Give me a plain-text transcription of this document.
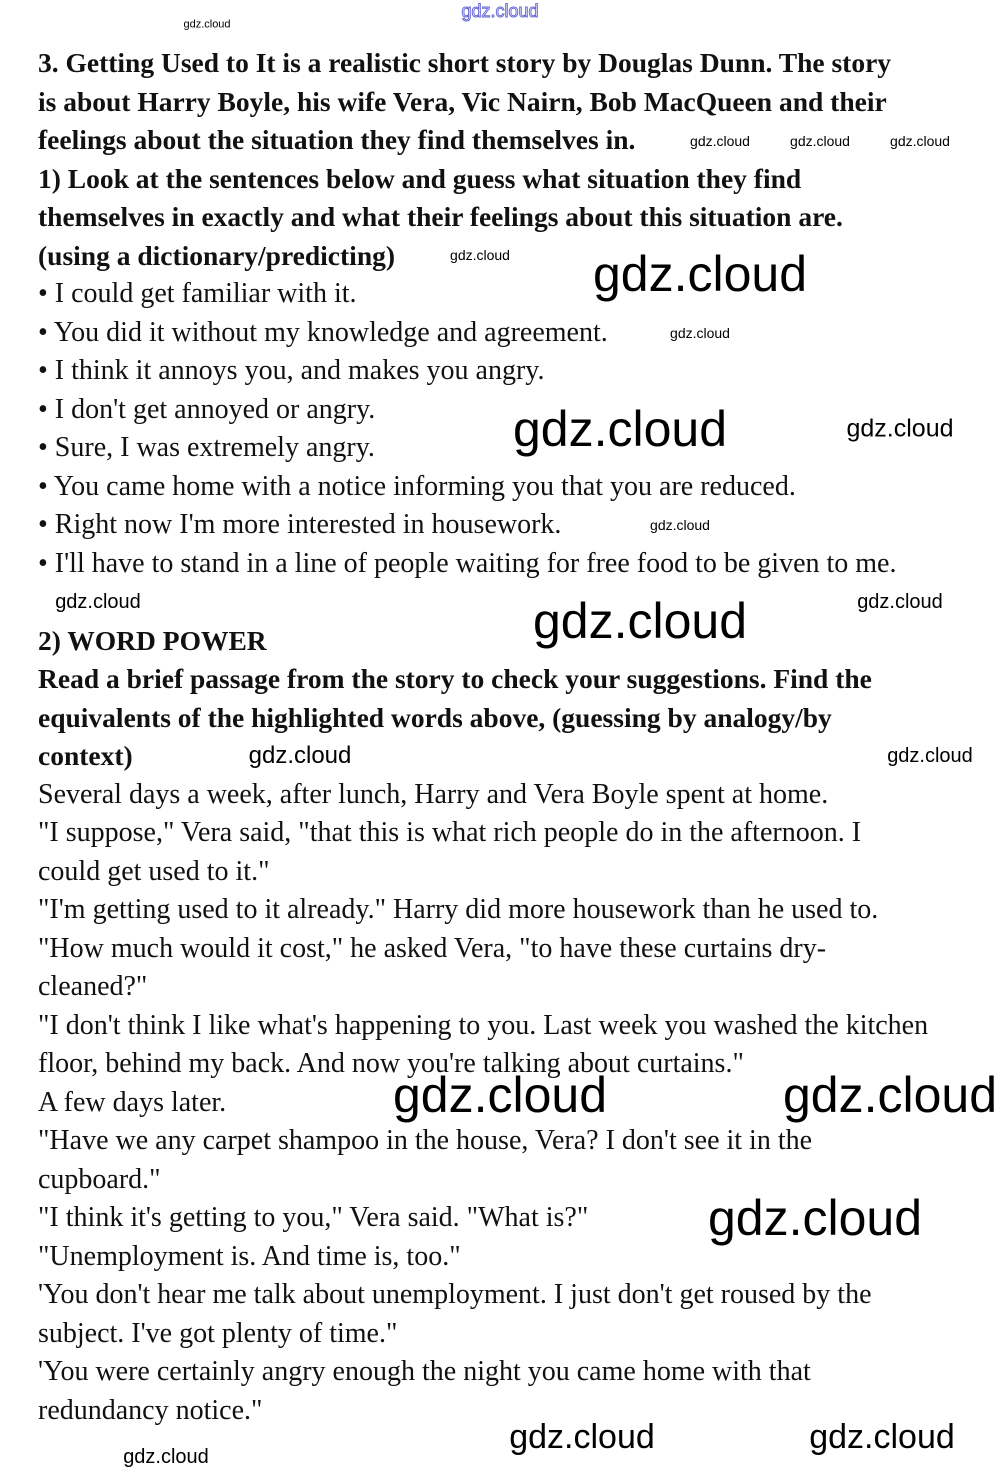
3. Getting Used to It is a realistic short story by Douglas Dunn. The story
is about Harry Boyle, his wife Vera, Vic Nairn, Bob MacQueen and their
feelings about the situation they find themselves in.
1) Look at the sentences below and guess what situation they find
themselves in exactly and what their feelings about this situation are.
(using a dictionary/predicting)
• I could get familiar with it.
• You did it without my knowledge and agreement.
• I think it annoys you, and makes you angry.
• I don't get annoyed or angry.
• Sure, I was extremely angry.
• You came home with a notice informing you that you are reduced.
• Right now I'm more interested in housework.
• I'll have to stand in a line of people waiting for free food to be given to me.
2) WORD POWER
Read a brief passage from the story to check your suggestions. Find the
equivalents of the highlighted words above, (guessing by analogy/by
context)
Several days a week, after lunch, Harry and Vera Boyle spent at home.
"I suppose," Vera said, "that this is what rich people do in the afternoon. I
could get used to it."
"I'm getting used to it already." Harry did more housework than he used to.
"How much would it cost," he asked Vera, "to have these curtains dry-
cleaned?"
"I don't think I like what's happening to you. Last week you washed the kitchen
floor, behind my back. And now you're talking about curtains."
A few days later.
"Have we any carpet shampoo in the house, Vera? I don't see it in the
cupboard."
"I think it's getting to you," Vera said. "What is?"
"Unemployment is. And time is, too."
'You don't hear me talk about unemployment. I just don't get roused by the
subject. I've got plenty of time."
'You were certainly angry enough the night you came home with that
redundancy notice."
gdz.cloud
gdz.cloud
gdz.cloud	gdz.cloud	gdz.cloud
gdz.cloud gdz.cloud
gdz.cloud
gdz.cloud	gdz.cloud
gdz.cloud
gdz.cloud	gdz.cloud	gdz.cloud
gdz.cloud	gdz.cloud
gdz.cloud	gdz.cloud
gdz.cloud
gdz.cloud	gdz.cloud
gdz.cloud
